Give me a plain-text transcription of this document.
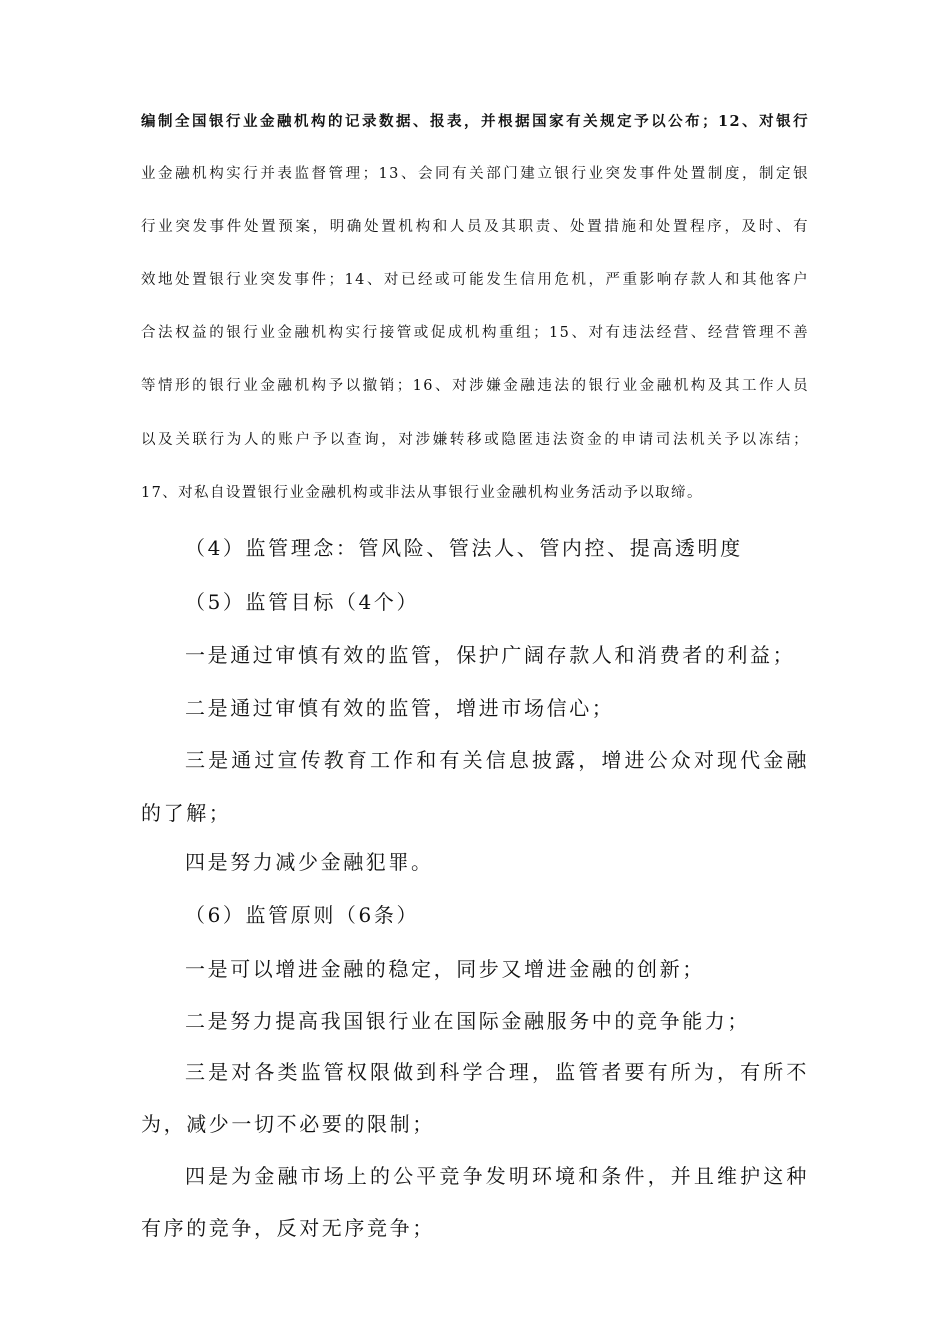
编制全国银行业金融机构的记录数据、报表，并根据国家有关规定予以公布；12、对银行
业金融机构实行并表监督管理；13、会同有关部门建立银行业突发事件处置制度，制定银
行业突发事件处置预案，明确处置机构和人员及其职责、处置措施和处置程序，及时、有
效地处置银行业突发事件；14、对已经或可能发生信用危机，严重影响存款人和其他客户
合法权益的银行业金融机构实行接管或促成机构重组；15、对有违法经营、经营管理不善
等情形的银行业金融机构予以撤销；16、对涉嫌金融违法的银行业金融机构及其工作人员
以及关联行为人的账户予以查询，对涉嫌转移或隐匿违法资金的申请司法机关予以冻结；
17、对私自设置银行业金融机构或非法从事银行业金融机构业务活动予以取缔。
（4）监管理念：管风险、管法人、管内控、提高透明度
（5）监管目标（4个）
一是通过审慎有效的监管，保护广阔存款人和消费者的利益；
二是通过审慎有效的监管，增进市场信心；
三是通过宣传教育工作和有关信息披露，增进公众对现代金融
的了解；
四是努力减少金融犯罪。
（6）监管原则（6条）
一是可以增进金融的稳定，同步又增进金融的创新；
二是努力提高我国银行业在国际金融服务中的竞争能力；
三是对各类监管权限做到科学合理，监管者要有所为，有所不
为，减少一切不必要的限制；
四是为金融市场上的公平竞争发明环境和条件，并且维护这种
有序的竞争，反对无序竞争；
